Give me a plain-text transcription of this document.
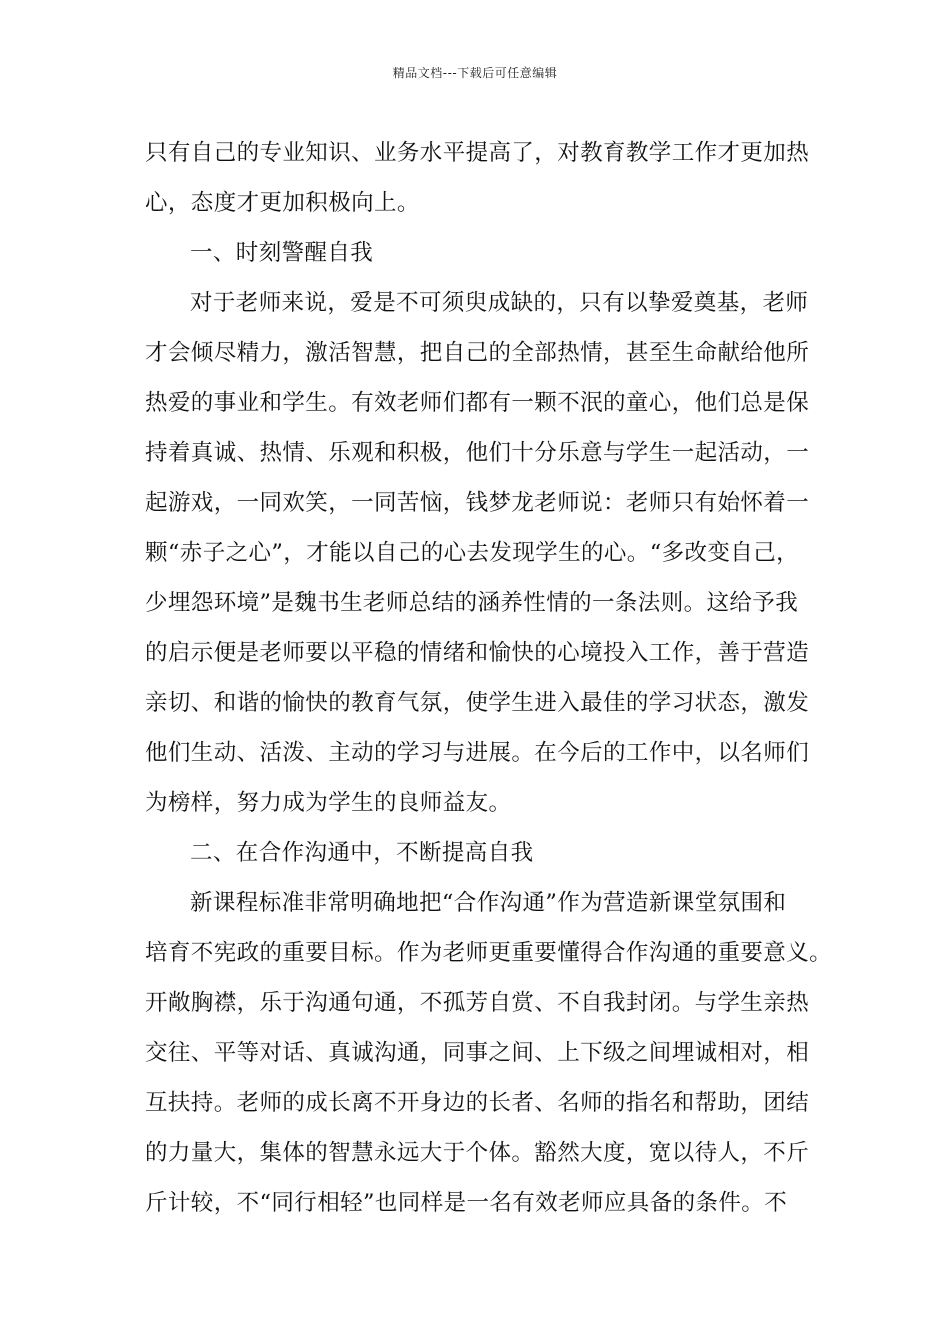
精品文档---下载后可任意编辑
只有自己的专业知识、业务水平提高了，对教育教学工作才更加热
心，态度才更加积极向上。
一、时刻警醒自我
对于老师来说，爱是不可须臾成缺的，只有以挚爱奠基，老师
才会倾尽精力，激活智慧，把自己的全部热情，甚至生命献给他所
热爱的事业和学生。有效老师们都有一颗不泯的童心，他们总是保
持着真诚、热情、乐观和积极，他们十分乐意与学生一起活动，一
起游戏，一同欢笑，一同苦恼，钱梦龙老师说：老师只有始怀着一
颗“赤子之心”，才能以自己的心去发现学生的心。“多改变自己，
少埋怨环境”是魏书生老师总结的涵养性情的一条法则。这给予我
的启示便是老师要以平稳的情绪和愉快的心境投入工作，善于营造
亲切、和谐的愉快的教育气氛，使学生进入最佳的学习状态，激发
他们生动、活泼、主动的学习与进展。在今后的工作中，以名师们
为榜样，努力成为学生的良师益友。
二、在合作沟通中，不断提高自我
新课程标准非常明确地把“合作沟通”作为营造新课堂氛围和
培育不宪政的重要目标。作为老师更重要懂得合作沟通的重要意义。
开敞胸襟，乐于沟通句通，不孤芳自赏、不自我封闭。与学生亲热
交往、平等对话、真诚沟通，同事之间、上下级之间埋诚相对，相
互扶持。老师的成长离不开身边的长者、名师的指名和帮助，团结
的力量大，集体的智慧永远大于个体。豁然大度，宽以待人，不斤
斤计较，不“同行相轻”也同样是一名有效老师应具备的条件。不
